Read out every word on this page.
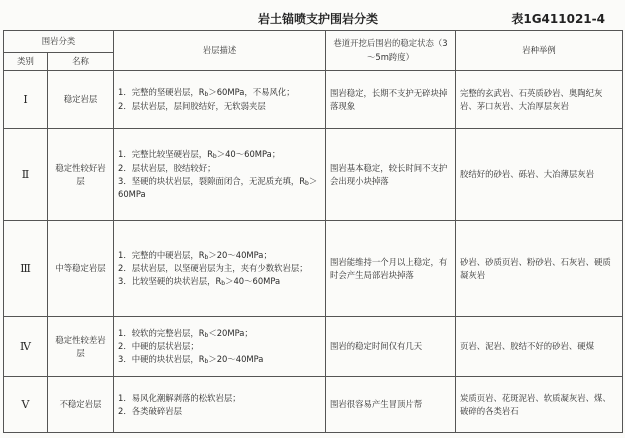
岩土锚喷支护围岩分类	表1G411021-4
围岩分类		岩层描述	巷道开挖后围岩的稳定状态（3～5m跨度）	岩种举例
类别	名称			
Ⅰ	稳定岩层	1．完整的坚硬岩层，Rb＞60MPa，不易风化；
2．层状岩层，层间胶结好，无软弱夹层	围岩稳定，长期不支护无碎块掉落现象	完整的玄武岩、石英质砂岩、奥陶纪灰岩、茅口灰岩、大冶厚层灰岩
Ⅱ	稳定性较好岩层	1．完整比较坚硬岩层，Rb＞40～60MPa；
2．层状岩层，胶结较好；
3．坚硬的块状岩层，裂隙面闭合，无泥质充填，Rb＞60MPa	围岩基本稳定，较长时间不支护会出现小块掉落	胶结好的砂岩、砾岩、大冶薄层灰岩
Ⅲ	中等稳定岩层	1．完整的中硬岩层，Rb＞20～40MPa；
2．层状岩层，以坚硬岩层为主，夹有少数软岩层；
3．比较坚硬的块状岩层，Rb＞40～60MPa	围岩能维持一个月以上稳定，有时会产生局部岩块掉落	砂岩、砂质页岩、粉砂岩、石灰岩、硬质凝灰岩
Ⅳ	稳定性较差岩层	1．较软的完整岩层，Rb＜20MPa；
2．中硬的层状岩层；
3．中硬的块状岩层，Rb＞20～40MPa	围岩的稳定时间仅有几天	页岩、泥岩、胶结不好的砂岩、硬煤
Ⅴ	不稳定岩层	1．易风化潮解剥落的松软岩层；
2．各类破碎岩层	围岩很容易产生冒顶片帮	炭质页岩、花斑泥岩、软质凝灰岩、煤、破碎的各类岩石
